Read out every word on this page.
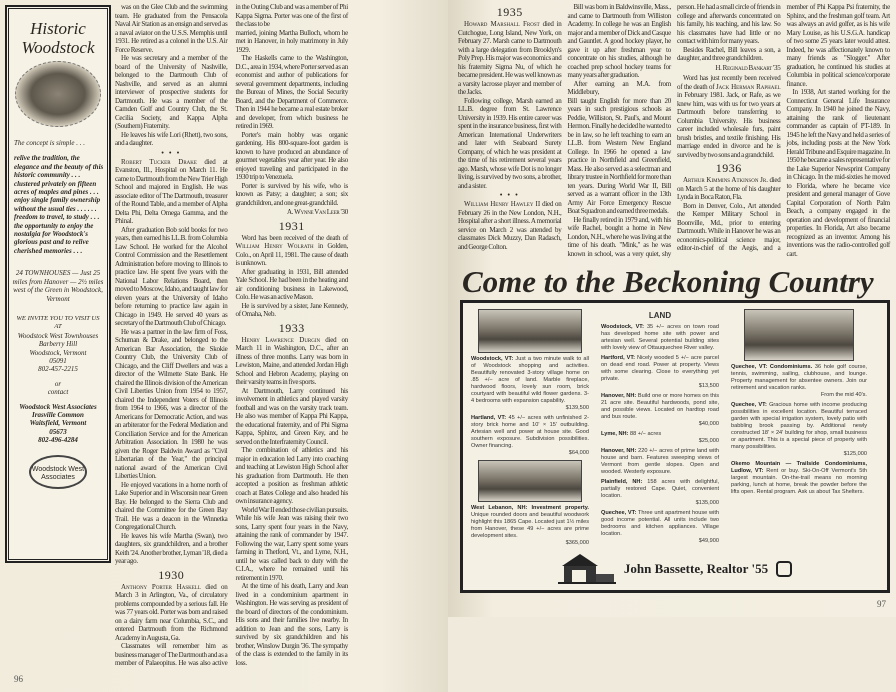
Historic
Woodstock
The concept is simple . . .
relive the tradition, the elegance and the beauty of this historic community . . . clustered privately on fifteen acres of maples and pines . . . enjoy single family ownership without the usual ties . . . . . . freedom to travel, to study . . . the opportunity to enjoy the nostalgia for Woodstock's glorious past and to relive cherished memories . . .
24 TOWNHOUSES — Just 25 miles from Hanover — 2½ miles west of the Green in Woodstock, Vermont
WE INVITE YOU TO VISIT US AT
Woodstock West Townhouses
Barberry Hill
Woodstock, Vermont
05091
802-457-2215
or
contact
Woodstock West Associates
Irasville Common
Waitsfield, Vermont
05673
802-496-4284
Woodstock West Associates

was on the Glee Club and the swimming team. He graduated from the Pensacola Naval Air Station as an ensign and served as a naval aviator on the U.S.S. Memphis until 1931. He retired as a colonel in the U.S. Air Force Reserve.

He was secretary and a member of the board of the University of Nashville, belonged to the Dartmouth Club of Nashville, and served as an alumni interviewer of prospective students for Dartmouth. He was a member of the Camden Golf and Country Club, the St. Cecilia Society, and Kappa Alpha (Southern) Fraternity.

He leaves his wife Lori (Rhett), two sons, and a daughter.

• • •

Robert Tucker Drake died at Evanston, Ill., Hospital on March 11. He came to Dartmouth from the New Trier High School and majored in English. He was associate editor of The Dartmouth, treasurer of the Round Table, and a member of Alpha Delta Phi, Delta Omega Gamma, and the Phinal.

After graduation Bob sold books for two years, then earned his LL.B. from Columbia Law School. He worked for the Alcohol Control Commission and the Resettlement Administration before moving to Illinois to practice law. He spent five years with the National Labor Relations Board, then moved to Moscow, Idaho, and taught law for eleven years at the University of Idaho before returning to practice law again in Chicago in 1949. He served 40 years as secretary of the Dartmouth Club of Chicago.

He was a partner in the law firm of Foss, Schuman & Drake, and belonged to the American Bar Association, the Skokie Country Club, the University Club of Chicago, and the Cliff Dwellers and was a director of the Wilmette State Bank. He chaired the Illinois division of the American Civil Liberties Union from 1954 to 1957, chaired the Independent Voters of Illinois from 1964 to 1966, was a director of the Americans for Democratic Action, and was an arbiterator for the Federal Mediation and Conciliation Service and for the American Arbitration Association. In 1980 he was given the Roger Baldwin Award as "Civil Libertarian of the Year," the principal national award of the American Civil Liberties Union.

He enjoyed vacations in a home north of Lake Superior and in Wisconsin near Green Bay. He belonged to the Sierra Club and chaired the Committee for the Green Bay Trail. He was a deacon in the Winnetka Congregational Church.

He leaves his wife Martha (Swan), two daughters, six grandchildren, and a brother Keith '24. Another brother, Lyman '18, died a year ago.

1930

Anthony Porter Haskell died on March 3 in Arlington, Va., of circulatory problems compounded by a serious fall. He was 77 years old. Porter was born and raised on a dairy farm near Columbia, S.C., and entered Dartmouth from the Richmond Academy in Augusta, Ga.

Classmates will remember him as business manager of The Dartmouth and as a member of Palaeopitus. He was also active in the Outing Club and was a member of Phi Kappa Sigma. Porter was one of the first of the class to be

married, joining Martha Bulloch, whom he met in Hanover, in holy matrimony in July 1929.

The Haskells came to the Washington, D.C., area in 1934, where Porter served as an economist and author of publications for several government departments, including the Bureau of Mines, the Social Security Board, and the Department of Commerce. Then in 1944 he became a real estate broker and developer, from which business he retired in 1969.

Porter's main hobby was organic gardening. His 800-square-foot garden is known to have produced an abundance of gourmet vegetables year after year. He also enjoyed traveling and participated in the 1930 trip to Venezuela.

Porter is survived by his wife, who is known as Patsy; a daughter; a son; six grandchildren, and one great-grandchild.

A. Wynne Van Leer '30
1931

Word has been received of the death of William Henry Wolrath in Golden, Colo., on April 11, 1981. The cause of death is unknown.

After graduating in 1931, Bill attended Yale School. He had been in the heating and air conditioning business in Lakewood, Colo. He was an active Mason.

He is survived by a sister, Jane Kennedy, of Omaha, Neb.

1933

Henry Lawrence Durgin died on March 11 in Washington, D.C., after an illness of three months. Larry was born in Lewiston, Maine, and attended Jordan High School and Hebron Academy, playing on their varsity teams in five sports.

At Dartmouth, Larry continued his involvement in athletics and played varsity football and was on the varsity track team. He also was member of Kappa Phi Kappa, the educational fraternity, and of Phi Sigma Kappa, Sphinx, and Green Key, and he served on the Interfraternity Council.

The combination of athletics and his major in education led Larry into coaching and teaching at Lewiston High School after his graduation from Dartmouth. He then accepted a position as freshman athletic coach at Bates College and also headed his own insurance agency.

World War II ended those civilian pursuits. While his wife Jean was raising their two sons, Larry spent four years in the Navy, attaining the rank of commander by 1947. Following the war, Larry spent some years farming in Thetford, Vt., and Lyme, N.H., until he was called back to duty with the C.I.A., where he remained until his retirement in 1970.

At the time of his death, Larry and Jean lived in a condominium apartment in Washington. He was serving as president of the board of directors of the condominium. His sons and their families live nearby. In addition to Jean and the sons, Larry is survived by six grandchildren and his brother, Winslow Durgin '36. The sympathy of the class is extended to the family in its loss.

96
1935

Howard Marshall Frost died in Cutchogue, Long Island, New York, on February 27. Marsh came to Dartmouth with a large delegation from Brooklyn's Poly Prep. His major was economics and his fraternity Sigma Nu, of which he became president. He was well known as a varsity lacrosse player and member of the Jacks.

Following college, Marsh earned an LL.B. degree from St. Lawrence University in 1939. His entire career was spent in the insurance business, first with American International Underwriters and later with Seaboard Surety Company, of which he was president at the time of his retirement several years ago. Marsh, whose wife Dot is no longer living, is survived by two sons, a brother, and a sister.

• • •

William Henry Hawley II died on February 26 in the New London, N.H., Hospital after a short illness. A memorial service on March 2 was attended by classmates Dick Muzzy, Dan Radasch, and George Colton.

Bill was born in Baldwinsville, Mass., and came to Dartmouth from Williston Academy. In college he was an English major and a member of Dick and Casque and Gauntlet. A good hockey player, he gave it up after freshman year to concentrate on his studies, although he coached prep school hockey teams for many years after graduation.

After earning an M.A. from Middlebury,

Bill taught English for more than 20 years in such prestigious schools as Peddie, Williston, St. Paul's, and Mount Hermon. Finally he decided he wanted to be in law, so he left teaching to earn an LL.B. from Western New England College. In 1966 he opened a law practice in Northfield and Greenfield, Mass. He also served as a selectman and library trustee in Northfield for more than ten years. During World War II, Bill served as a warrant officer in the 13th Army Air Force Emergency Rescue Boat Squadron and earned three medals.

He finally retired in 1979 and, with his wife Rachel, bought a home in New London, N.H., where he was living at the time of his death. "Mink," as he was known in school, was a very quiet, shy person. He had a small circle of friends in college and afterwards concentrated on his family, his teaching, and his law. So his classmates have had little or no contact with him for many years.

Besides Rachel, Bill leaves a son, a daughter, and three grandchildren.

H. Reginald Bankart '35

Word has just recently been received of the death of Jack Herman Raphael in February 1981. Jack, or Rafe, as we knew him, was with us for two years at Dartmouth before transferring to Columbia University. His business career included wholesale furs, paint brush bristles, and textile finishing. His marriage ended in divorce and he is survived by two sons and a grandchild.

1936

Arthur Kimmins Atkinson Jr. died on March 5 at the home of his daughter Lynda in Boca Raton, Fla.

Born in Denver, Colo., Art attended the Kemper Military School in Boonville, Md., prior to entering Dartmouth. While in Hanover he was an economics-political science major, editor-in-chief of the Aegis, and a member of Phi Kappa Psi fraternity, the Sphinx, and the freshman golf team. Art was always an avid golfer, as is his wife Mary Louise, as his U.S.G.A. handicap of two some 25 years later would attest. Indeed, he was affectionately known to many friends as "Slogger." After graduation, he continued his studies at Columbia in political science/corporate finance.

In 1938, Art started working for the Connecticut General Life Insurance Company. In 1940 he joined the Navy, attaining the rank of lieutenant commander as captain of PT-189. In 1945 he left the Navy and held a series of jobs, including posts at the New York Herald Tribune and Esquire magazine. In 1950 he became a sales representative for the Lake Superior Newsprint Company in Chicago. In the mid-sixties he moved to Florida, where he became vice president and general manager of Gove Capital Corporation of North Palm Beach, a company engaged in the operation and development of financial properties. In Florida, Art also became recognized as an inventor. Among his inventions was the radio-controlled golf cart.

Come to the Beckoning Country

Woodstock, VT: Just a two minute walk to all of Woodstock shopping and activities. Beautifully renovated 3-story village home on .85 +/− acre of land. Marble fireplace, hardwood floors, lovely sun room, brick courtyard with beautiful wild flower gardens. 3-4 bedrooms with expansion capability.
$139,500

Hartland, VT: 45 +/− acres with unfinished 2-story brick home and 10' × 15' outbuilding. Artesian well and power at house site. Good southern exposure. Subdivision possibilities. Owner financing.
$64,000

West Lebanon, NH: Investment property. Unique rounded doors and beautiful woodwork highlight this 1865 Cape. Located just 1½ miles from Hanover, these 49 +/− acres are prime development sites.
$365,000

LAND

Woodstock, VT: 35 +/− acres on town road has developed home site with power and artesian well. Several potential building sites with lovely view of Ottauquechee River valley.

Hartford, VT: Nicely wooded 5 +/− acre parcel on dead end road. Power at property. Views with some clearing. Close to everything yet private.
$13,500

Hanover, NH: Build one or more homes on this 21 acre site. Beautiful hardwoods, pond site, and possible views. Located on hardtop road and bus route.
$40,000

Lyme, NH: 88 +/− acres
$25,000

Hanover, NH: 220 +/− acres of prime land with house and barn. Features sweeping views of Vermont from gentle slopes. Open and wooded. Westerly exposure.

Plainfield, NH: 158 acres with delightful, partially restored Cape. Quiet, convenient location.
$135,000

Quechee, VT: Three unit apartment house with good income potential. All units include two bedrooms and kitchen appliances. Village location.
$49,900

Quechee, VT: Condominiums. 36 hole golf course, tennis, swimming, sailing, clubhouse, and lounge. Property management for absentee owners. Join our retirement and vacation ranks.
From the mid 40's.

Quechee, VT: Gracious home with income producing possibilities in excellent location. Beautiful terraced garden with special irrigation system, lovely patio with babbling brook passing by. Additional newly constructed 18' × 24' building for shop, small business or apartment. This is a special piece of property with many possibilities.
$125,000

Okemo Mountain — Trailside Condominiums, Ludlow, VT: Rent or buy. Ski-On-Off Vermont's 5th largest mountain. On-the-trail means no morning parking, lunch at home, break the powder before the lifts open. Rental program. Ask us about Tax Shelters.

John Bassette, Realtor '55
97
